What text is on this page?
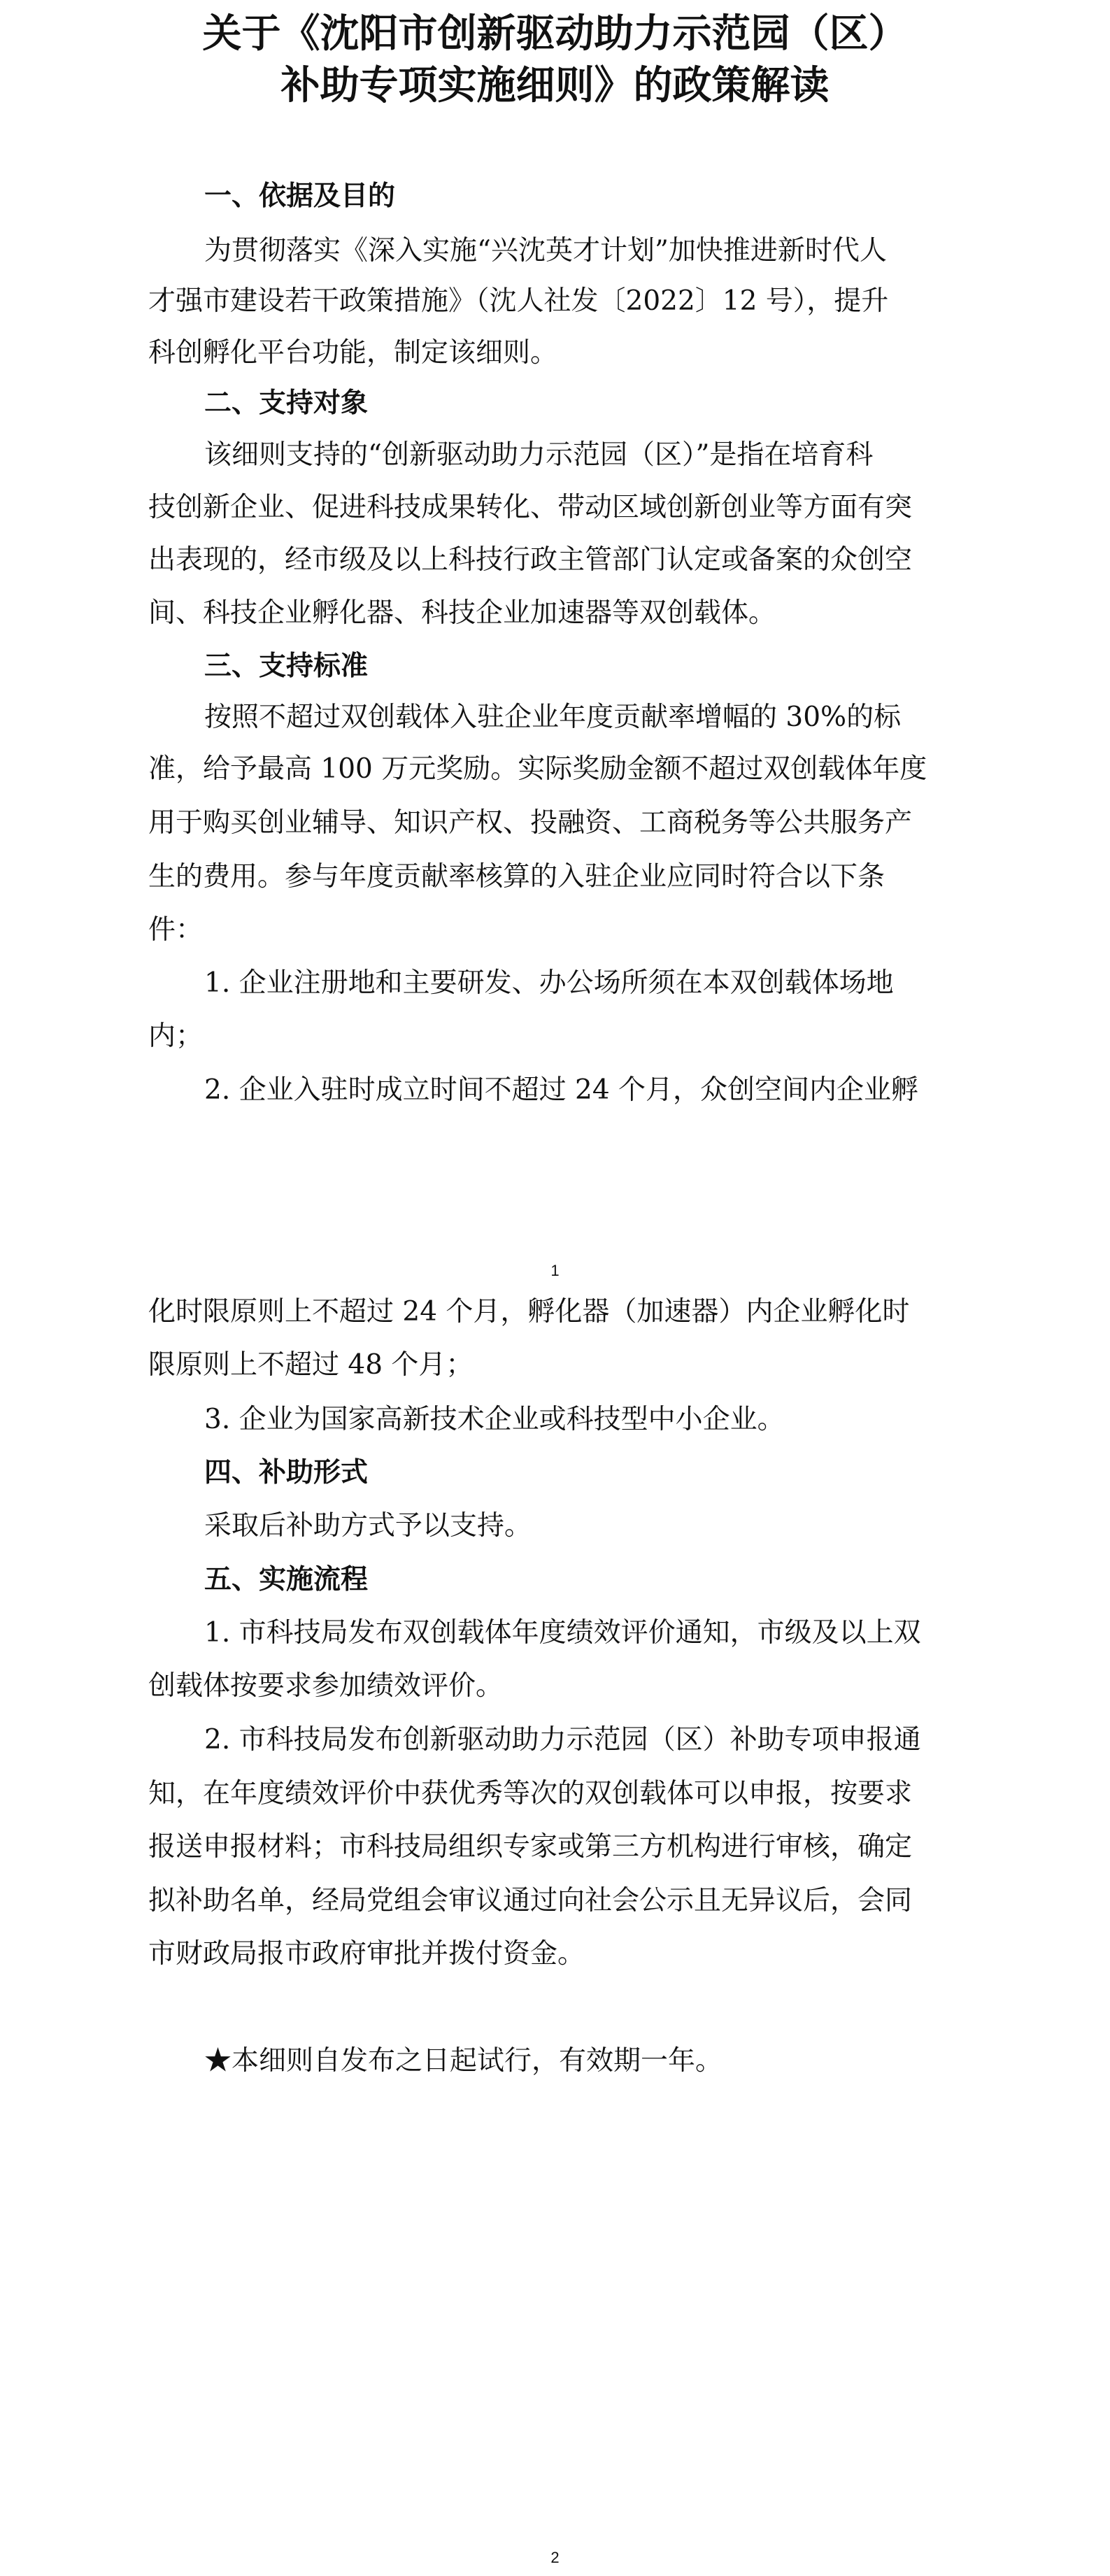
关于《沈阳市创新驱动助力示范园（区）
补助专项实施细则》的政策解读

一、依据及目的

为贯彻落实《深入实施“兴沈英才计划”加快推进新时代人

才强市建设若干政策措施》（沈人社发〔2022〕12 号），提升

科创孵化平台功能，制定该细则。

二、支持对象

该细则支持的“创新驱动助力示范园（区）”是指在培育科

技创新企业、促进科技成果转化、带动区域创新创业等方面有突

出表现的，经市级及以上科技行政主管部门认定或备案的众创空

间、科技企业孵化器、科技企业加速器等双创载体。

三、支持标准

按照不超过双创载体入驻企业年度贡献率增幅的 30%的标

准，给予最高 100 万元奖励。实际奖励金额不超过双创载体年度

用于购买创业辅导、知识产权、投融资、工商税务等公共服务产

生的费用。参与年度贡献率核算的入驻企业应同时符合以下条

件：

1. 企业注册地和主要研发、办公场所须在本双创载体场地

内；

2. 企业入驻时成立时间不超过 24 个月，众创空间内企业孵

1

化时限原则上不超过 24 个月，孵化器（加速器）内企业孵化时

限原则上不超过 48 个月；

3. 企业为国家高新技术企业或科技型中小企业。

四、补助形式

采取后补助方式予以支持。

五、实施流程

1. 市科技局发布双创载体年度绩效评价通知，市级及以上双

创载体按要求参加绩效评价。

2. 市科技局发布创新驱动助力示范园（区）补助专项申报通

知，在年度绩效评价中获优秀等次的双创载体可以申报，按要求

报送申报材料；市科技局组织专家或第三方机构进行审核，确定

拟补助名单，经局党组会审议通过向社会公示且无异议后，会同

市财政局报市政府审批并拨付资金。

★本细则自发布之日起试行，有效期一年。

2
